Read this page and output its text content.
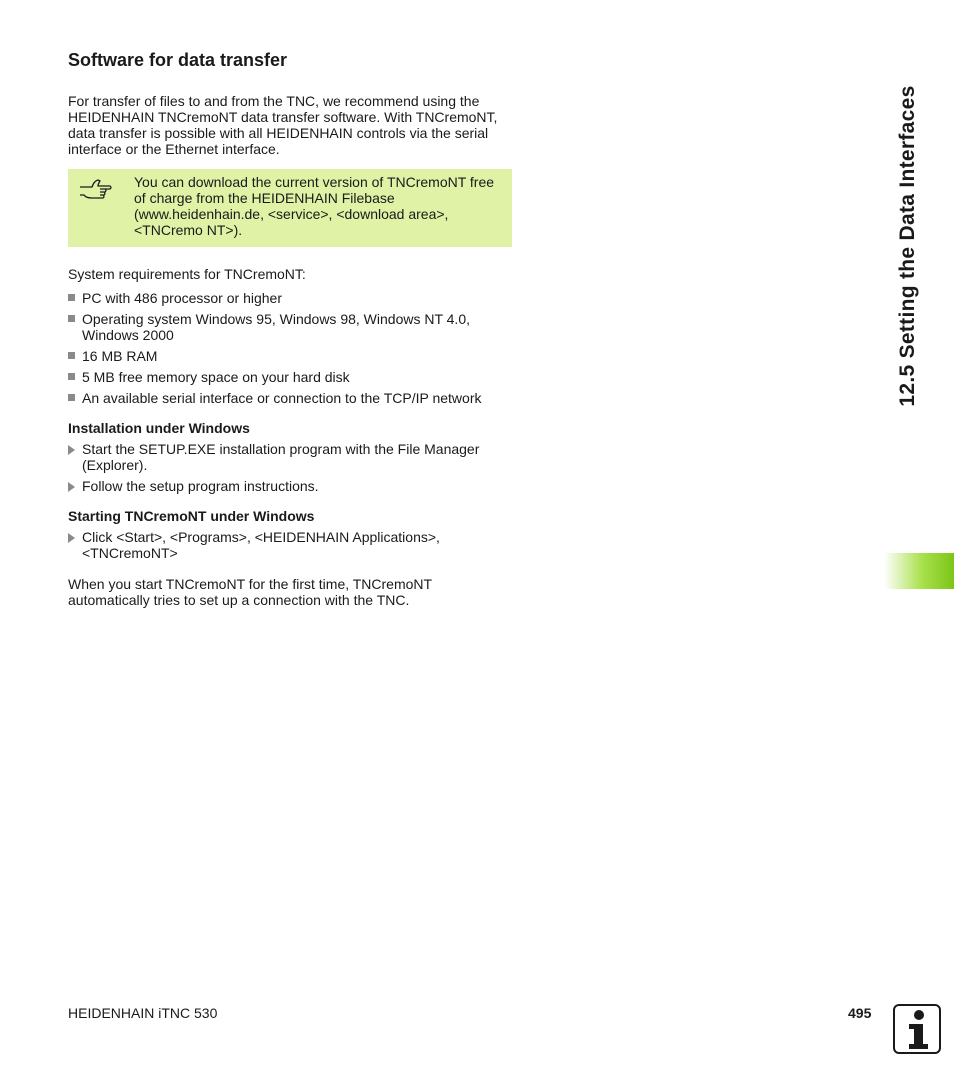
Software for data transfer

For transfer of files to and from the TNC, we recommend using the HEIDENHAIN TNCremoNT data transfer software. With TNCremoNT, data transfer is possible with all HEIDENHAIN controls via the serial interface or the Ethernet interface.

You can download the current version of TNCremoNT free of charge from the HEIDENHAIN Filebase (www.heidenhain.de, <service>, <download area>, <TNCremo NT>).

System requirements for TNCremoNT:

PC with 486 processor or higher
Operating system Windows 95, Windows 98, Windows NT 4.0, Windows 2000
16 MB RAM
5 MB free memory space on your hard disk
An available serial interface or connection to the TCP/IP network
Installation under Windows
Start the SETUP.EXE installation program with the File Manager (Explorer).
Follow the setup program instructions.
Starting TNCremoNT under Windows
Click <Start>, <Programs>, <HEIDENHAIN Applications>, <TNCremoNT>

When you start TNCremoNT for the first time, TNCremoNT automatically tries to set up a connection with the TNC.

12.5 Setting the Data Interfaces
HEIDENHAIN iTNC 530	495
